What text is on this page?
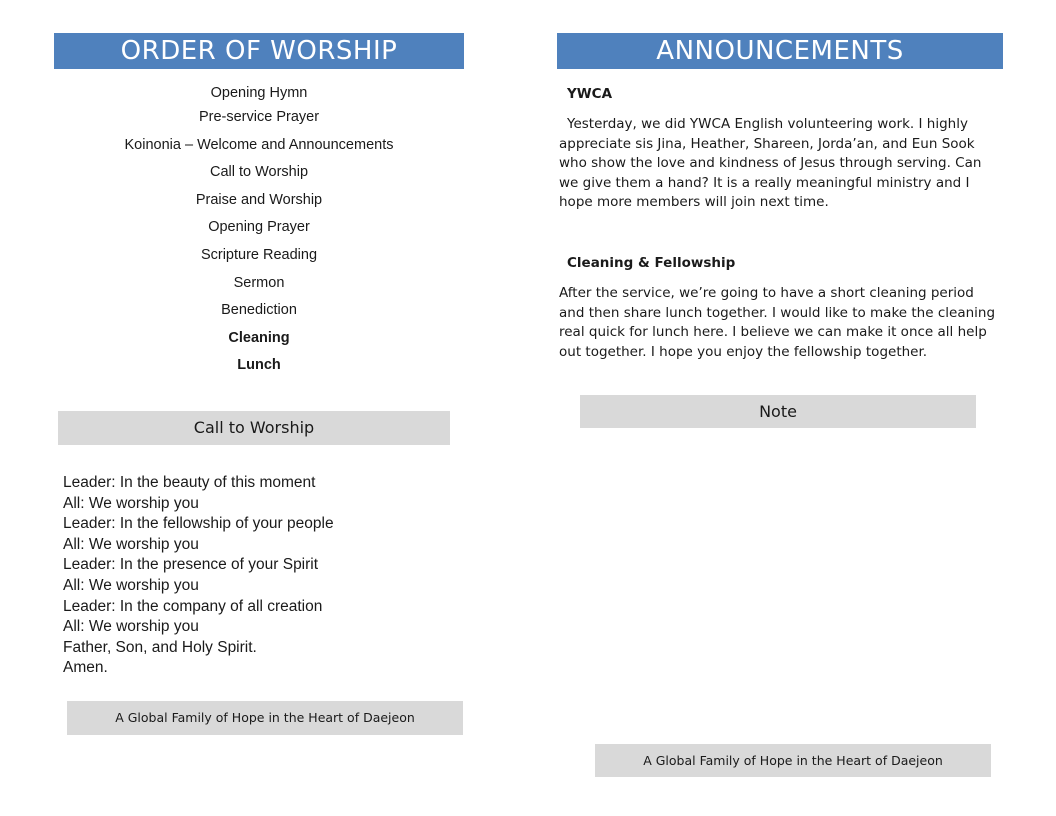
ORDER OF WORSHIP
Opening Hymn
Pre-service Prayer
Koinonia – Welcome and Announcements
Call to Worship
Praise and Worship
Opening Prayer
Scripture Reading
Sermon
Benediction
Cleaning
Lunch
Call to Worship
Leader: In the beauty of this moment
All: We worship you
Leader: In the fellowship of your people
All: We worship you
Leader: In the presence of your Spirit
All: We worship you
Leader: In the company of all creation
All: We worship you
Father, Son, and Holy Spirit.
Amen.
A Global Family of Hope in the Heart of Daejeon
ANNOUNCEMENTS
YWCA

Yesterday, we did YWCA English volunteering work. I highly appreciate sis Jina, Heather, Shareen, Jorda’an, and Eun Sook who show the love and kindness of Jesus through serving. Can we give them a hand? It is a really meaningful ministry and I hope more members will join next time.

Cleaning & Fellowship

After the service, we’re going to have a short cleaning period and then share lunch together. I would like to make the cleaning real quick for lunch here. I believe we can make it once all help out together. I hope you enjoy the fellowship together.

Note
A Global Family of Hope in the Heart of Daejeon
